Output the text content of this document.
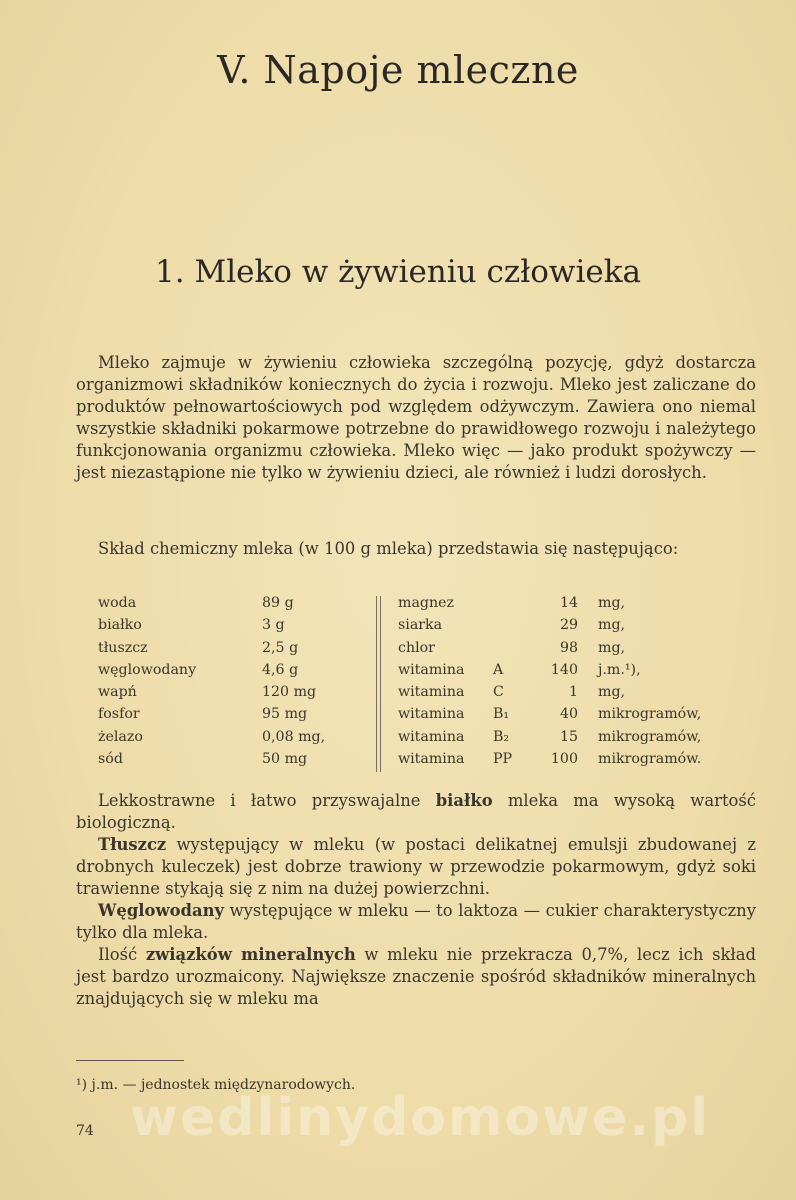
V. Napoje mleczne
1. Mleko w żywieniu człowieka

Mleko zajmuje w żywieniu człowieka szczególną pozycję, gdyż dostarcza organizmowi składników koniecznych do życia i rozwoju. Mleko jest zaliczane do produktów pełnowartościowych pod względem odżywczym. Zawiera ono niemal wszystkie składniki pokarmowe potrzebne do prawidłowego rozwoju i należytego funkcjonowania organizmu człowieka. Mleko więc — jako produkt spożywczy — jest niezastąpione nie tylko w żywieniu dzieci, ale również i ludzi dorosłych.

Skład chemiczny mleka (w 100 g mleka) przedstawia się następująco:

woda	89 g
białko	3 g
tłuszcz	2,5 g
węglowodany	4,6 g
wapń	120 mg
fosfor	95 mg
żelazo	0,08 mg,
sód	50 mg
magnez	14 mg,
siarka	29 mg,
chlor	98 mg,
witamina A	140 j.m.¹),
witamina C	1 mg,
witamina B₁	40 mikrogramów,
witamina B₂	15 mikrogramów,
witamina PP	100 mikrogramów.

Lekkostrawne i łatwo przyswajalne białko mleka ma wysoką wartość biologiczną.

Tłuszcz występujący w mleku (w postaci delikatnej emulsji zbudowanej z drobnych kuleczek) jest dobrze trawiony w przewodzie pokarmowym, gdyż soki trawienne stykają się z nim na dużej powierzchni.

Węglowodany występujące w mleku — to laktoza — cukier charakterystyczny tylko dla mleka.

Ilość związków mineralnych w mleku nie przekracza 0,7%, lecz ich skład jest bardzo urozmaicony. Największe znaczenie spośród składników mineralnych znajdujących się w mleku ma

¹) j.m. — jednostek międzynarodowych.
wedlinydomowe.pl
74
